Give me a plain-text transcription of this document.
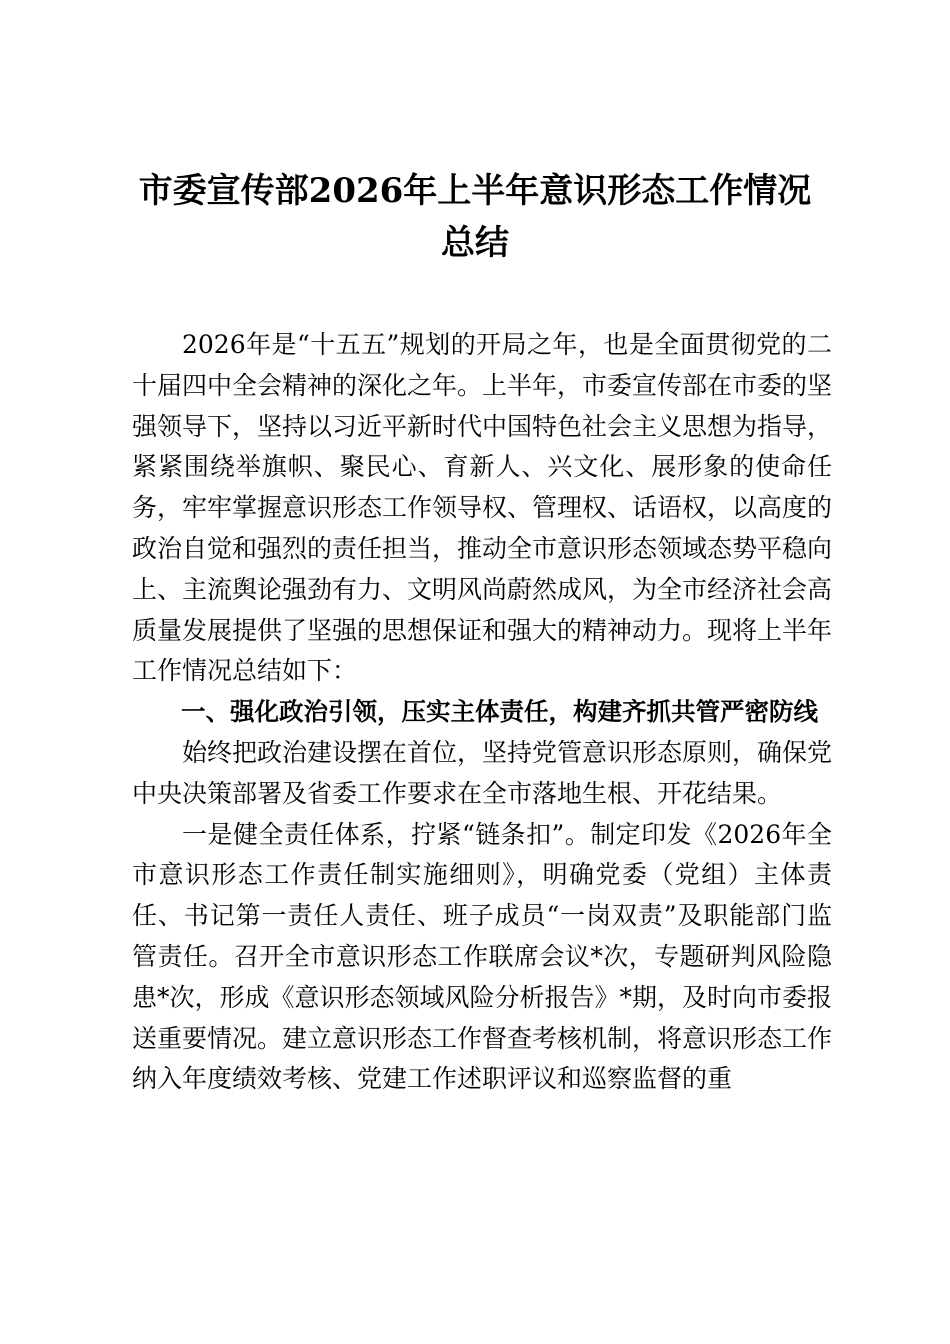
市委宣传部2026年上半年意识形态工作情况
总结

2026年是“十五五”规划的开局之年，也是全面贯彻党的二十届四中全会精神的深化之年。上半年，市委宣传部在市委的坚强领导下，坚持以习近平新时代中国特色社会主义思想为指导，紧紧围绕举旗帜、聚民心、育新人、兴文化、展形象的使命任务，牢牢掌握意识形态工作领导权、管理权、话语权，以高度的政治自觉和强烈的责任担当，推动全市意识形态领域态势平稳向上、主流舆论强劲有力、文明风尚蔚然成风，为全市经济社会高质量发展提供了坚强的思想保证和强大的精神动力。现将上半年工作情况总结如下：

一、强化政治引领，压实主体责任，构建齐抓共管严密防线

始终把政治建设摆在首位，坚持党管意识形态原则，确保党中央决策部署及省委工作要求在全市落地生根、开花结果。

一是健全责任体系，拧紧“链条扣”。制定印发《2026年全市意识形态工作责任制实施细则》，明确党委（党组）主体责任、书记第一责任人责任、班子成员“一岗双责”及职能部门监管责任。召开全市意识形态工作联席会议*次，专题研判风险隐患*次，形成《意识形态领域风险分析报告》*期，及时向市委报送重要情况。建立意识形态工作督查考核机制，将意识形态工作纳入年度绩效考核、党建工作述职评议和巡察监督的重
